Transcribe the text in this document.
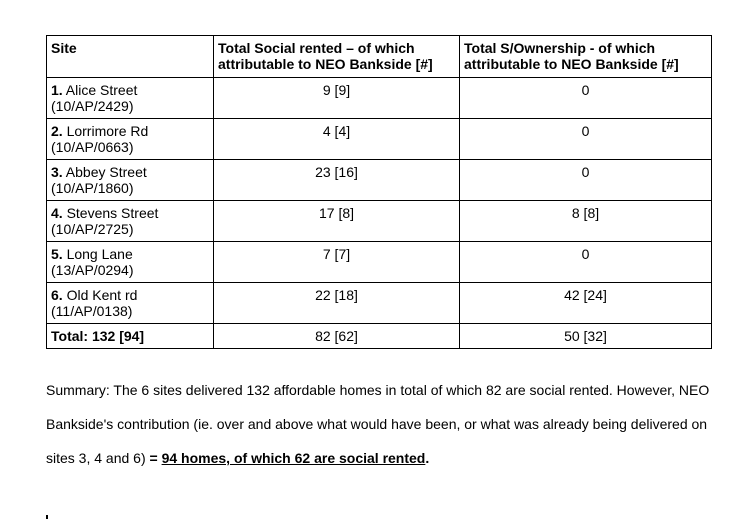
Site	Total Social rented – of which attributable to NEO Bankside [#]	Total S/Ownership - of which attributable to NEO Bankside [#]
1. Alice Street
(10/AP/2429)	9 [9]	0
2. Lorrimore Rd
(10/AP/0663)	4 [4]	0
3. Abbey Street
(10/AP/1860)	23 [16]	0
4. Stevens Street
(10/AP/2725)	17 [8]	8 [8]
5. Long Lane
(13/AP/0294)	7 [7]	0
6. Old Kent rd
(11/AP/0138)	22 [18]	42 [24]
Total: 132 [94]	82 [62]	50 [32]
Summary: The 6 sites delivered 132 affordable homes in total of which 82 are social rented. However, NEO Bankside's contribution (ie. over and above what would have been, or what was already being delivered on sites 3, 4 and 6) = 94 homes, of which 62 are social rented.
